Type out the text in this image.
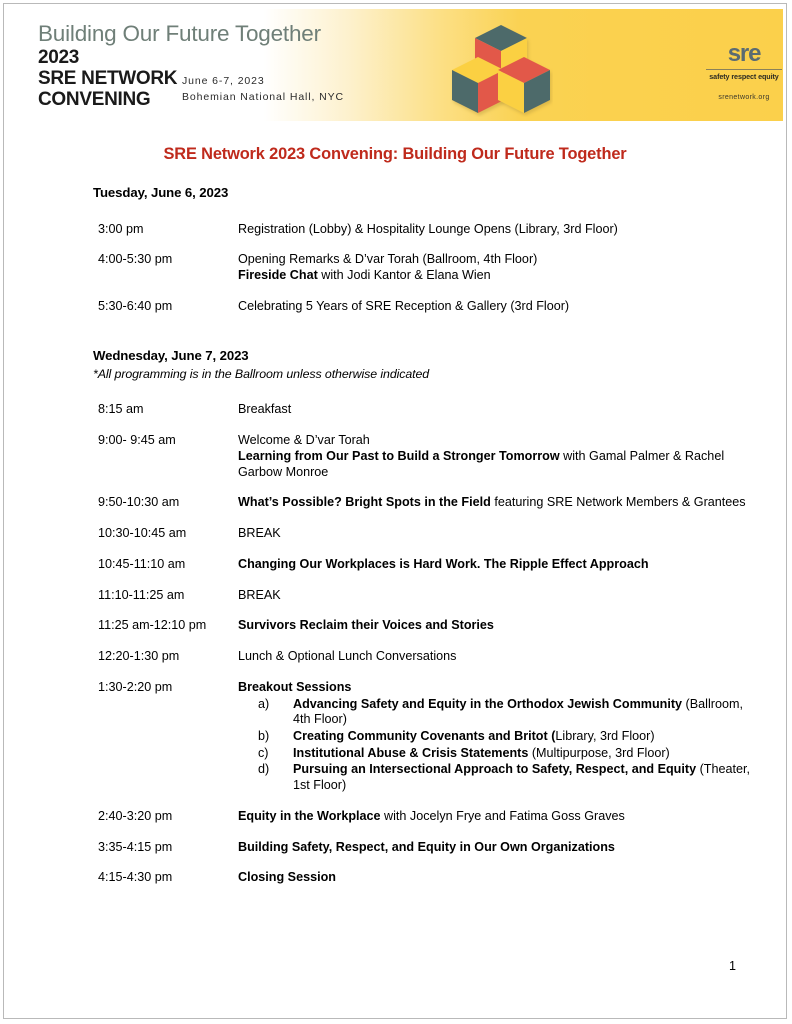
Building Our Future Together
2023
SRE NETWORK
CONVENING
June 6-7, 2023
Bohemian National Hall, NYC
sre
safety respect equity
srenetwork.org
SRE Network 2023 Convening: Building Our Future Together
Tuesday, June 6, 2023
3:00 pm	Registration (Lobby) & Hospitality Lounge Opens (Library, 3rd Floor)
4:00-5:30 pm	Opening Remarks & D’var Torah (Ballroom, 4th Floor)
Fireside Chat with Jodi Kantor & Elana Wien
5:30-6:40 pm	Celebrating 5 Years of SRE Reception & Gallery (3rd Floor)
Wednesday, June 7, 2023
*All programming is in the Ballroom unless otherwise indicated
8:15 am	Breakfast
9:00- 9:45 am	Welcome & D’var Torah
Learning from Our Past to Build a Stronger Tomorrow with Gamal Palmer & Rachel Garbow Monroe
9:50-10:30 am	What’s Possible? Bright Spots in the Field featuring SRE Network Members & Grantees
10:30-10:45 am	BREAK
10:45-11:10 am	Changing Our Workplaces is Hard Work. The Ripple Effect Approach
11:10-11:25 am	BREAK
11:25 am-12:10 pm	Survivors Reclaim their Voices and Stories
12:20-1:30 pm	Lunch & Optional Lunch Conversations
1:30-2:20 pm	Breakout Sessions
a)	Advancing Safety and Equity in the Orthodox Jewish Community (Ballroom, 4th Floor)
b)	Creating Community Covenants and Britot (Library, 3rd Floor)
c)	Institutional Abuse & Crisis Statements (Multipurpose, 3rd Floor)
d)	Pursuing an Intersectional Approach to Safety, Respect, and Equity (Theater, 1st Floor)
2:40-3:20 pm	Equity in the Workplace with Jocelyn Frye and Fatima Goss Graves
3:35-4:15 pm	Building Safety, Respect, and Equity in Our Own Organizations
4:15-4:30 pm	Closing Session
1
